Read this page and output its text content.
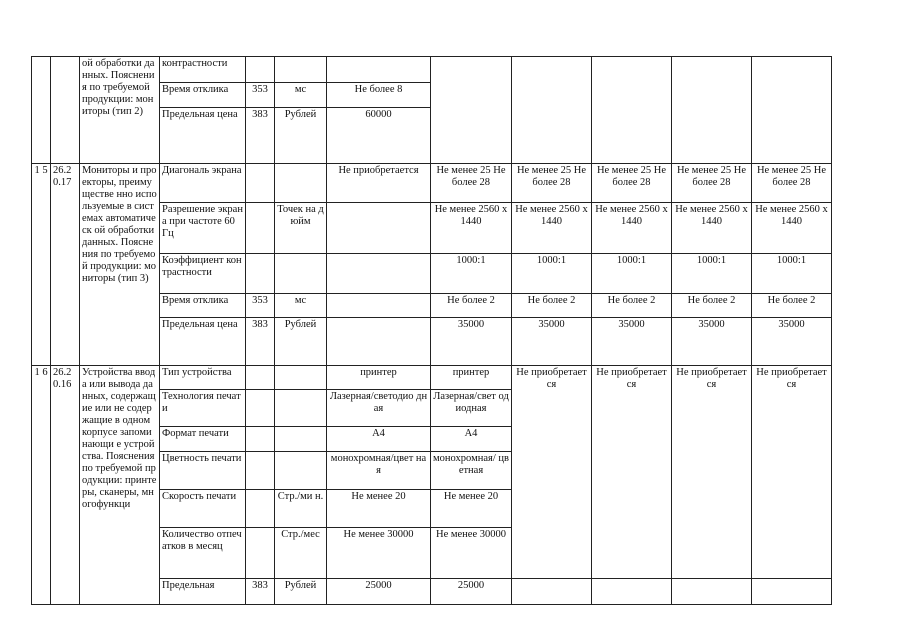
		ой обработки данных. Пояснения по требуемой продукции: мониторы (тип 2)	контрастности								
			Время отклика	353	мс	Не более 8					
			Предельная цена	383	Рублей	60000					
1 5	26.2 0.17	Мониторы и проекторы, преимуществе нно используемые в системах автоматическ ой обработки данных. Пояснения по требуемой продукции: мониторы (тип 3)	Диагональ экрана			Не приобретается	Не менее 25 Не более 28	Не менее 25 Не более 28	Не менее 25 Не более 28	Не менее 25 Не более 28	Не менее 25 Не более 28
			Разрешение экрана при частоте 60 Гц		Точек на дюйм		Не менее 2560 x 1440	Не менее 2560 x 1440	Не менее 2560 x 1440	Не менее 2560 x 1440	Не менее 2560 x 1440
			Коэффициент контрастности				1000:1	1000:1	1000:1	1000:1	1000:1
			Время отклика	353	мс		Не более 2	Не более 2	Не более 2	Не более 2	Не более 2
			Предельная цена	383	Рублей		35000	35000	35000	35000	35000
1 6	26.2 0.16	Устройства ввода или вывода данных, содержащие или не содержащие в одном корпусе запоминающи е устройства. Пояснения по требуемой продукции: принтеры, сканеры, многофункци	Тип устройства			принтер	принтер	Не приобретается	Не приобретается	Не приобретается	Не приобретается
			Технология печати			Лазерная/светодио дная	Лазерная/свет одиодная				
			Формат печати			А4	А4				
			Цветность печати			монохромная/цвет ная	монохромная/ цветная				
			Скорость печати		Стр./ми н.	Не менее 20	Не менее 20				
			Количество отпечатков в месяц		Стр./мес	Не менее 30000	Не менее 30000				
			Предельная	383	Рублей	25000	25000				
